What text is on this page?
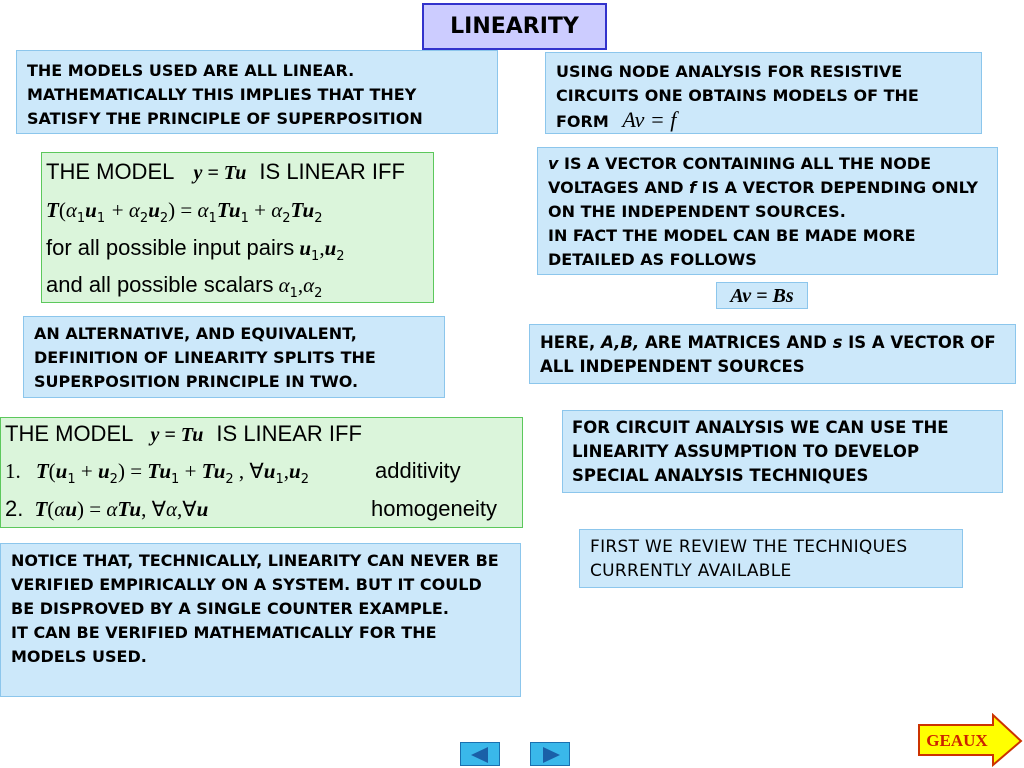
LINEARITY
THE MODELS USED ARE ALL LINEAR. MATHEMATICALLY THIS IMPLIES THAT THEY SATISFY THE PRINCIPLE OF SUPERPOSITION
USING NODE ANALYSIS FOR RESISTIVE CIRCUITS ONE OBTAINS MODELS OF THE FORM Av = f
THE MODEL y = Tu IS LINEAR IFF
$T(\alpha_1u_1 + \alpha_2u_2) = \alpha_1Tu_1 + \alpha_2Tu_2$
for all possible input pairs $u_1,u_2$
and all possible scalars $\alpha_1,\alpha_2$
v IS A VECTOR CONTAINING ALL THE NODE VOLTAGES AND f IS A VECTOR DEPENDING ONLY ON THE INDEPENDENT SOURCES.
IN FACT THE MODEL CAN BE MADE MORE DETAILED AS FOLLOWS
Av = Bs
AN ALTERNATIVE, AND EQUIVALENT, DEFINITION OF LINEARITY SPLITS THE SUPERPOSITION PRINCIPLE IN TWO.
HERE, A,B, ARE MATRICES AND s IS A VECTOR OF ALL INDEPENDENT SOURCES
THE MODEL y = Tu IS LINEAR IFF
1. $T(u_1 + u_2) = Tu_1 + Tu_2$ , $\forall u_1,u_2$	additivity
2. T(αu) = αTu, ∀α,∀u	homogeneity
FOR CIRCUIT ANALYSIS WE CAN USE THE LINEARITY ASSUMPTION TO DEVELOP SPECIAL ANALYSIS TECHNIQUES
FIRST WE REVIEW THE TECHNIQUES CURRENTLY AVAILABLE
NOTICE THAT, TECHNICALLY, LINEARITY CAN NEVER BE VERIFIED EMPIRICALLY ON A SYSTEM. BUT IT COULD BE DISPROVED BY A SINGLE COUNTER EXAMPLE.
IT CAN BE VERIFIED MATHEMATICALLY FOR THE MODELS USED.
GEAUX
